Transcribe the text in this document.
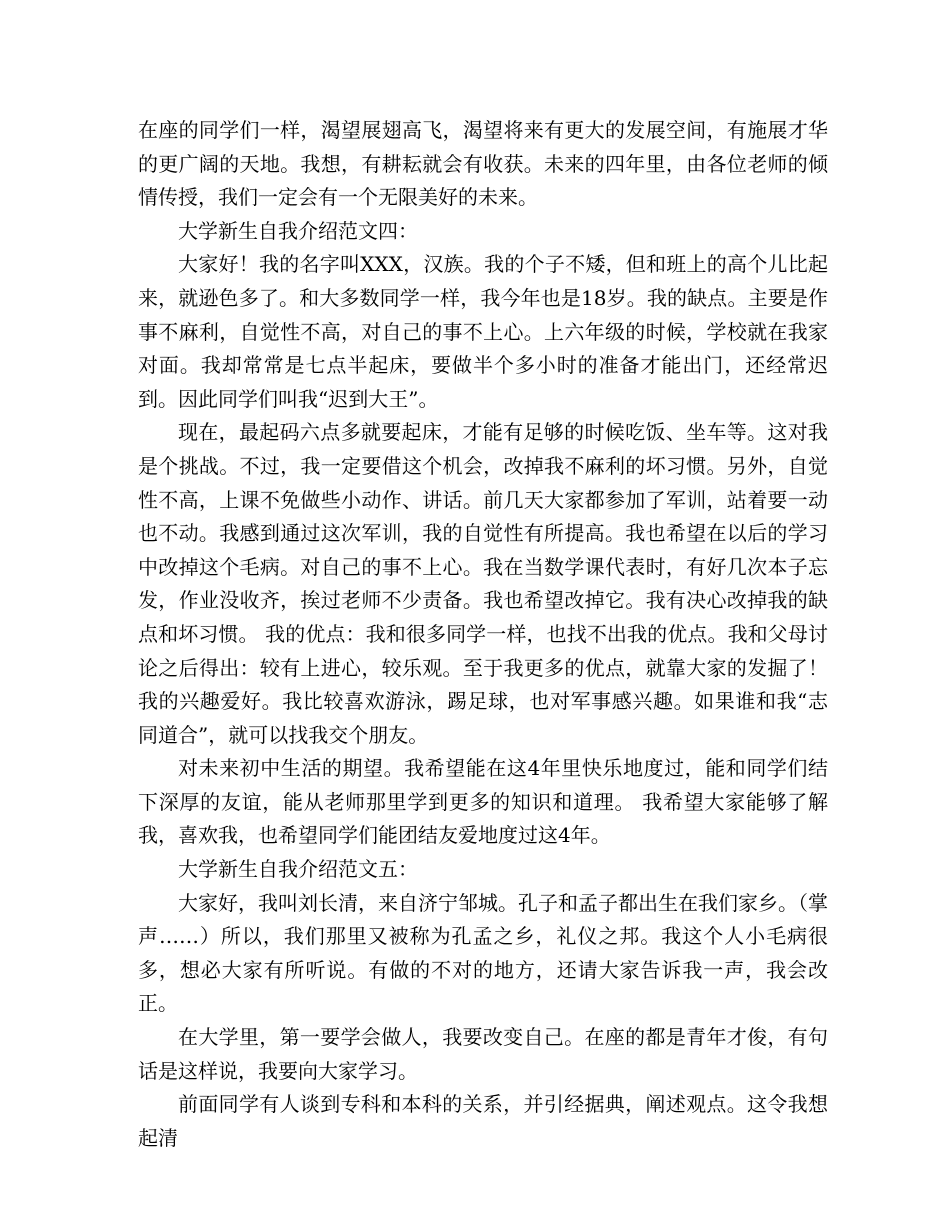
在座的同学们一样，渴望展翅高飞，渴望将来有更大的发展空间，有施展才华的更广阔的天地。我想，有耕耘就会有收获。未来的四年里，由各位老师的倾情传授，我们一定会有一个无限美好的未来。

大学新生自我介绍范文四：

大家好！我的名字叫XXX，汉族。我的个子不矮，但和班上的高个儿比起来，就逊色多了。和大多数同学一样，我今年也是18岁。我的缺点。主要是作事不麻利，自觉性不高，对自己的事不上心。上六年级的时候，学校就在我家对面。我却常常是七点半起床，要做半个多小时的准备才能出门，还经常迟到。因此同学们叫我“迟到大王”。

现在，最起码六点多就要起床，才能有足够的时候吃饭、坐车等。这对我是个挑战。不过，我一定要借这个机会，改掉我不麻利的坏习惯。另外，自觉性不高，上课不免做些小动作、讲话。前几天大家都参加了军训，站着要一动也不动。我感到通过这次军训，我的自觉性有所提高。我也希望在以后的学习中改掉这个毛病。对自己的事不上心。我在当数学课代表时，有好几次本子忘发，作业没收齐，挨过老师不少责备。我也希望改掉它。我有决心改掉我的缺点和坏习惯。 我的优点：我和很多同学一样，也找不出我的优点。我和父母讨论之后得出：较有上进心，较乐观。至于我更多的优点，就靠大家的发掘了！ 我的兴趣爱好。我比较喜欢游泳，踢足球，也对军事感兴趣。如果谁和我“志同道合”，就可以找我交个朋友。

对未来初中生活的期望。我希望能在这4年里快乐地度过，能和同学们结下深厚的友谊，能从老师那里学到更多的知识和道理。 我希望大家能够了解我，喜欢我，也希望同学们能团结友爱地度过这4年。

大学新生自我介绍范文五：

大家好，我叫刘长清，来自济宁邹城。孔子和孟子都出生在我们家乡。（掌声……）所以，我们那里又被称为孔孟之乡，礼仪之邦。我这个人小毛病很多，想必大家有所听说。有做的不对的地方，还请大家告诉我一声，我会改正。

在大学里，第一要学会做人，我要改变自己。在座的都是青年才俊，有句话是这样说，我要向大家学习。

前面同学有人谈到专科和本科的关系，并引经据典，阐述观点。这令我想起清
